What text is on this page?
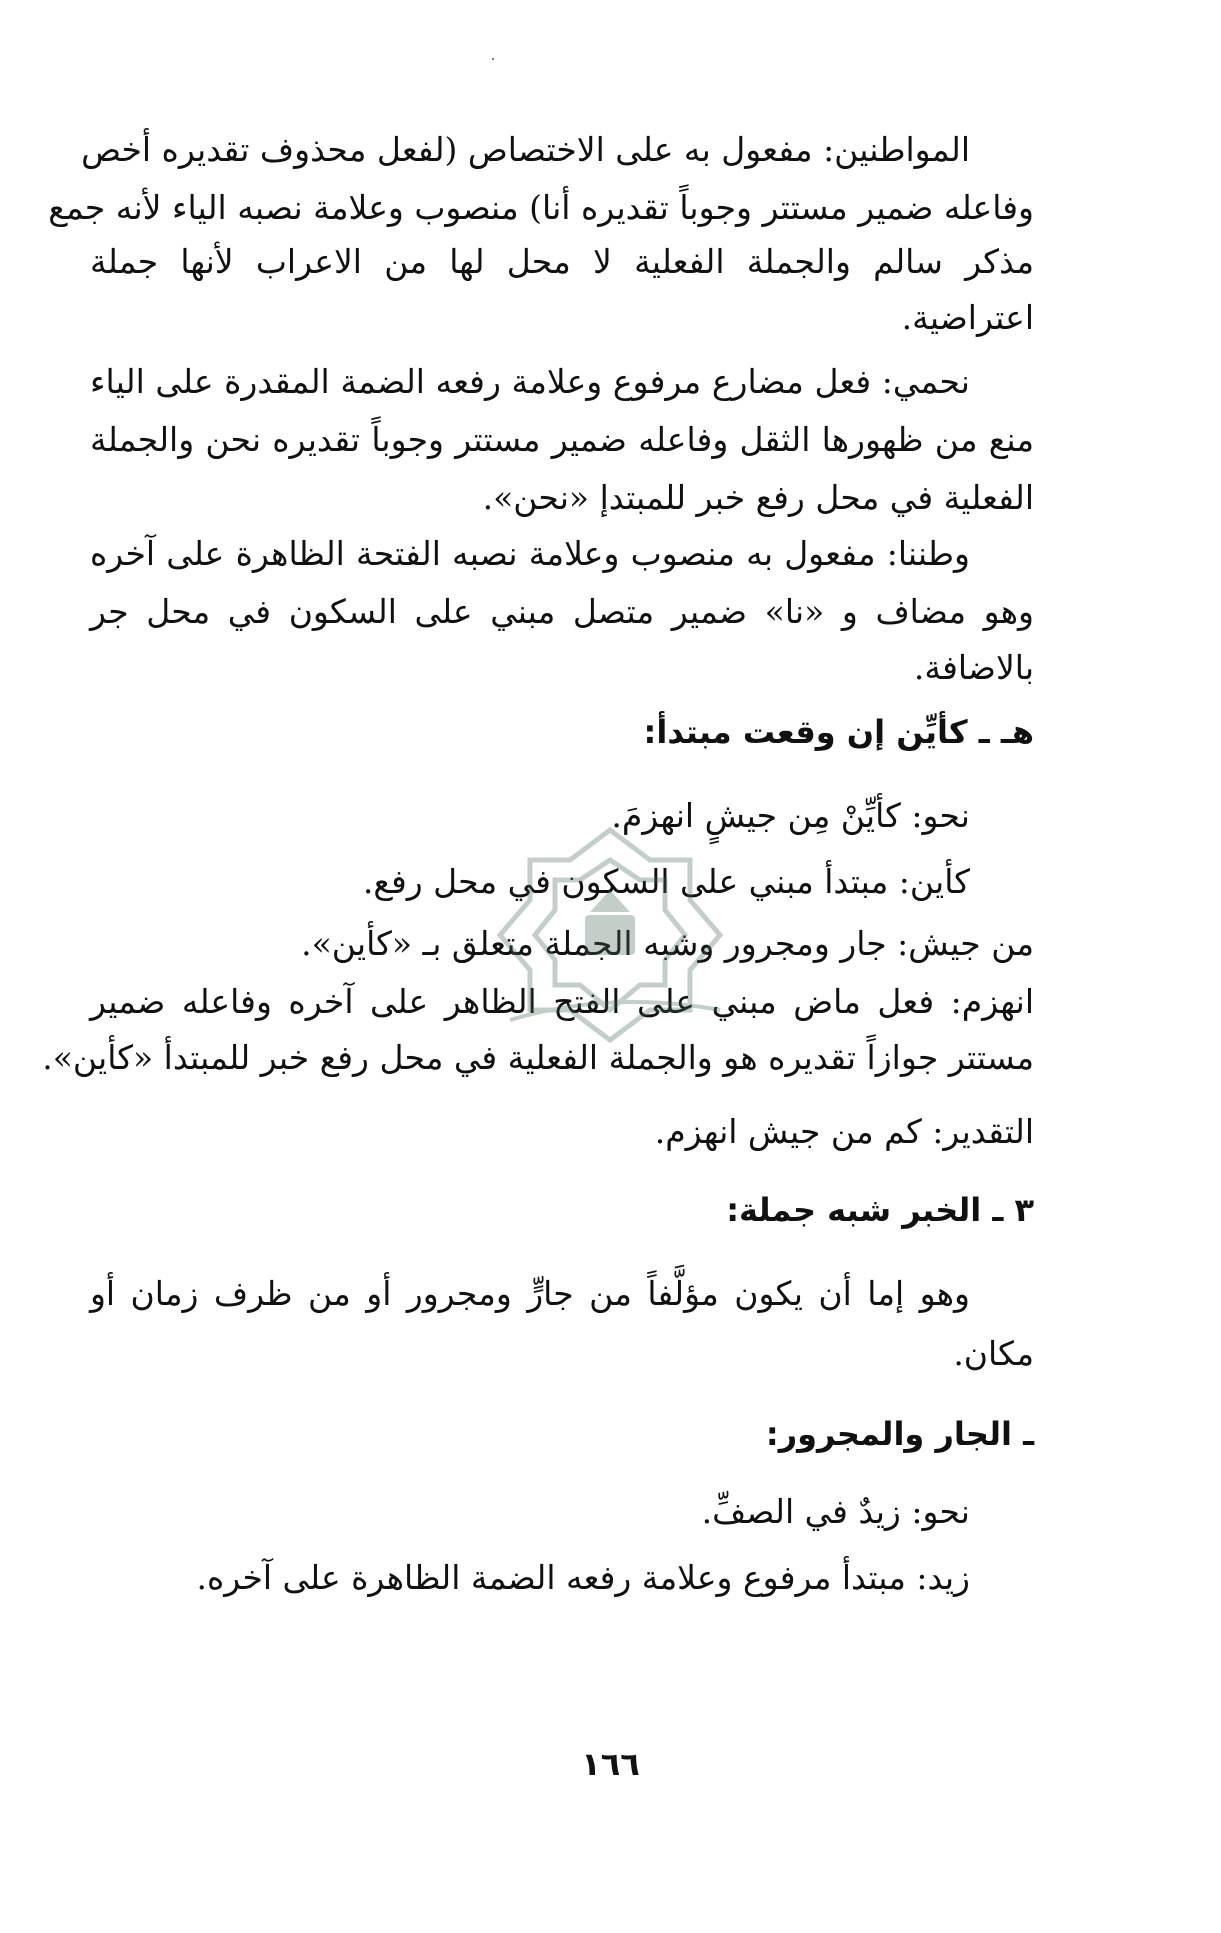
المواطنين: مفعول به على الاختصاص (لفعل محذوف تقديره أخص
وفاعله ضمير مستتر وجوباً تقديره أنا) منصوب وعلامة نصبه الياء لأنه جمع
مذكر سالم والجملة الفعلية لا محل لها من الاعراب لأنها جملة
اعتراضية.
نحمي: فعل مضارع مرفوع وعلامة رفعه الضمة المقدرة على الياء
منع من ظهورها الثقل وفاعله ضمير مستتر وجوباً تقديره نحن والجملة
الفعلية في محل رفع خبر للمبتدإ «نحن».
وطننا: مفعول به منصوب وعلامة نصبه الفتحة الظاهرة على آخره
وهو مضاف و «نا» ضمير متصل مبني على السكون في محل جر
بالاضافة.
هـ ـ كأيِّن إن وقعت مبتدأ:
نحو: كأيِّنْ مِن جيشٍ انهزمَ.
كأين: مبتدأ مبني على السكون في محل رفع.
من جيش: جار ومجرور وشبه الجملة متعلق بـ «كأين».
انهزم: فعل ماض مبني على الفتح الظاهر على آخره وفاعله ضمير
مستتر جوازاً تقديره هو والجملة الفعلية في محل رفع خبر للمبتدأ «كأين».
التقدير: كم من جيش انهزم.
٣ ـ الخبر شبه جملة:
وهو إما أن يكون مؤلَّفاً من جارٍّ ومجرور أو من ظرف زمان أو
مكان.
ـ الجار والمجرور:
نحو: زيدٌ في الصفِّ.
زيد: مبتدأ مرفوع وعلامة رفعه الضمة الظاهرة على آخره.
١٦٦
